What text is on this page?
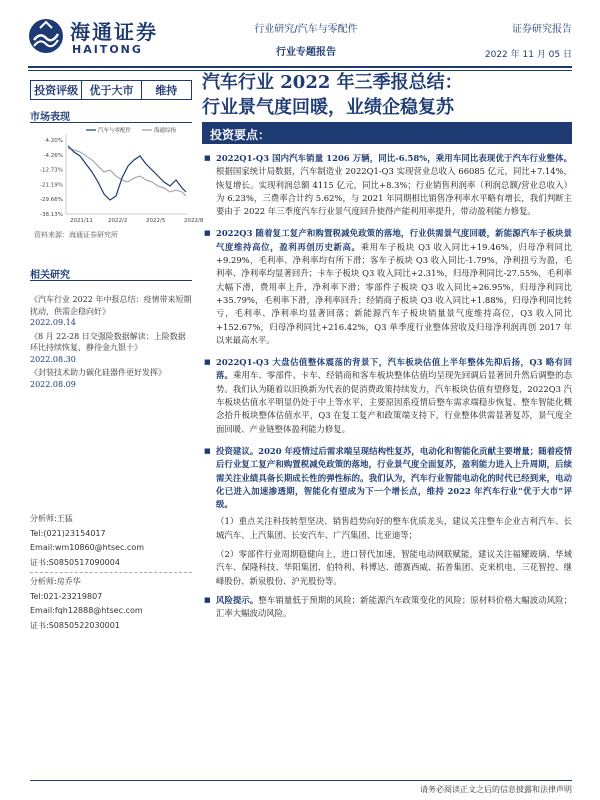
海通证券
HAITONG
行业研究/汽车与零配件
行业专题报告
证券研究报告
2022 年 11 月 05 日
投资评级	优于大市	维持
市场表现
汽车与零配件	海通综指
4.20%
-4.26%
-12.73%
-21.19%
-29.66%
-38.13%
2021/11	2022/2	2022/5	2022/8
资料来源：海通证券研究所
相关研究
《汽车行业 2022 年中报总结：疫情带来短期扰动，供需企稳向好》
2022.09.14
《8 月 22-28 日交强险数据解读：上险数据环比持续恢复，静待金九银十》
2022.08.30
《封装技术助力碳化硅器件更好发挥》
2022.08.09
分析师:王猛
Tel:(021)23154017
Email:wm10860@htsec.com
证书:S0850517090004
分析师:房乔华
Tel:021-23219807
Email:fqh12888@htsec.com
证书:S0850522030001
汽车行业 2022 年三季报总结：
行业景气度回暖，业绩企稳复苏
投资要点：
■ 2022Q1-Q3 国内汽车销量 1206 万辆，同比-6.58%，乘用车同比表现优于汽车行业整体。根据国家统计局数据，汽车制造业 2022Q1-Q3 实现营业总收入 66085 亿元，同比+7.14%，恢复增长。实现利润总额 4115 亿元，同比+8.3%；行业销售利润率（利润总额/营业总收入）为 6.23%，三费率合计约 5.62%，与 2021 年同期相比销售净利率水平略有增长，我们判断主要由于 2022 年三季度汽车行业景气度回升使得产能利用率提升，带动盈利能力修复。
■ 2022Q3 随着复工复产和购置税减免政策的落地，行业供需景气度回暖，新能源汽车子板块景气度维持高位，盈利再创历史新高。乘用车子板块 Q3 收入同比+19.46%，归母净利同比+9.29%，毛利率、净利率均有所下滑；客车子板块 Q3 收入同比-1.79%，净利扭亏为盈，毛利率、净利率均显著回升；卡车子板块 Q3 收入同比+2.31%，归母净利同比-27.55%，毛利率大幅下滑，费用率上升，净利率下滑；零部件子板块 Q3 收入同比+26.95%，归母净利同比+35.79%，毛利率下滑，净利率回升；经销商子板块 Q3 收入同比+1.88%，归母净利同比转亏，毛利率、净利率均显著回落；新能源汽车子板块销量景气度维持高位，Q3 收入同比+152.67%，归母净利同比+216.42%，Q3 单季度行业整体营收及归母净利润再创 2017 年以来最高水平。
■ 2022Q1-Q3 大盘估值整体震荡的背景下，汽车板块估值上半年整体先抑后扬，Q3 略有回落。乘用车、零部件、卡车、经销商和客车板块整体估值均呈现先回调后显著回升然后调整的态势。我们认为随着以旧换新为代表的促消费政策持续发力，汽车板块估值有望修复，2022Q3 汽车板块估值水平明显仍处于中上等水平，主要原因系疫情后整车需求端稳步恢复、整车智能化概念拾升板块整体估值水平，Q3 在复工复产和政策端支持下，行业整体供需显著复苏，景气度全面回暖、产业链整体盈利能力修复。
■ 投资建议。2020 年疫情过后需求端呈现结构性复苏，电动化和智能化贡献主要增量；随着疫情后行业复工复产和购置税减免政策的落地，行业景气度全面复苏，盈利能力进入上升周期，后续需关注业绩具备长期成长性的弹性标的。我们认为，汽车行业智能电动化的时代已经到来，电动化已进入加速渗透期，智能化有望成为下一个增长点，维持 2022 年汽车行业“优于大市”评级。
（1）重点关注科技转型坚决、销售趋势向好的整车优质龙头，建议关注整车企业吉利汽车、长城汽车、上汽集团、长安汽车、广汽集团、比亚迪等；
（2）零部件行业周期稳健向上，进口替代加速，智能电动网联赋能，建议关注福耀玻璃、华域汽车、保隆科技、华阳集团、伯特利、科博达、德赛西威、拓普集团、克来机电、三花智控、继峰股份、新泉股份、沪光股份等。
■ 风险提示。整车销量低于预期的风险；新能源汽车政策变化的风险；原材料价格大幅波动风险；汇率大幅波动风险。
请务必阅读正文之后的信息披露和法律声明
